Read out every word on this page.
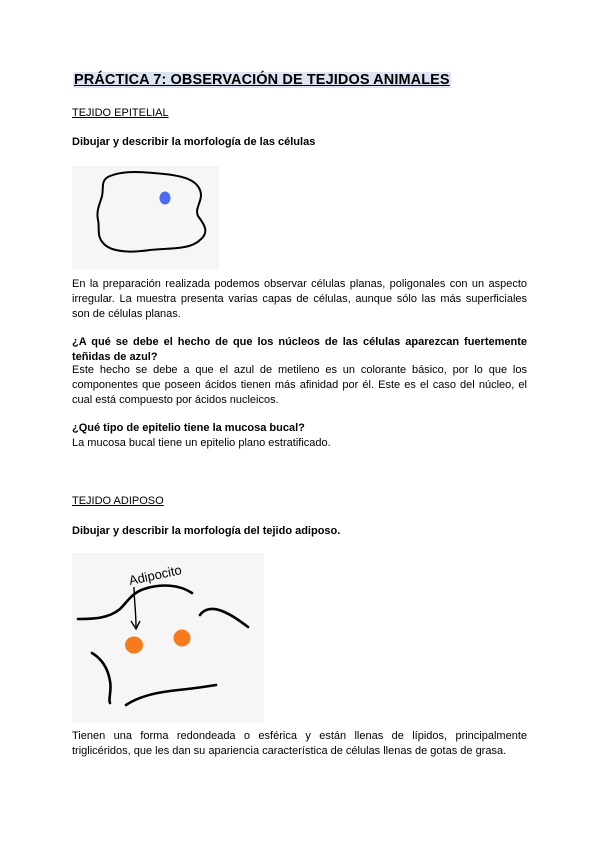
PRÁCTICA 7: OBSERVACIÓN DE TEJIDOS ANIMALES
TEJIDO EPITELIAL
Dibujar y describir la morfología de las células
En la preparación realizada podemos observar células planas, poligonales con un aspecto
irregular. La muestra presenta varias capas de células, aunque sólo las más superficiales
son de células planas.
¿A qué se debe el hecho de que los núcleos de las células aparezcan fuertemente
teñidas de azul?
Este hecho se debe a que el azul de metileno es un colorante básico, por lo que los
componentes que poseen ácidos tienen más afinidad por él. Este es el caso del núcleo, el
cual está compuesto por ácidos nucleicos.
¿Qué tipo de epitelio tiene la mucosa bucal?
La mucosa bucal tiene un epitelio plano estratificado.
TEJIDO ADIPOSO
Dibujar y describir la morfología del tejido adiposo.
Adipocito
Tienen una forma redondeada o esférica y están llenas de lípidos, principalmente
triglicéridos, que les dan su apariencia característica de células llenas de gotas de grasa.
